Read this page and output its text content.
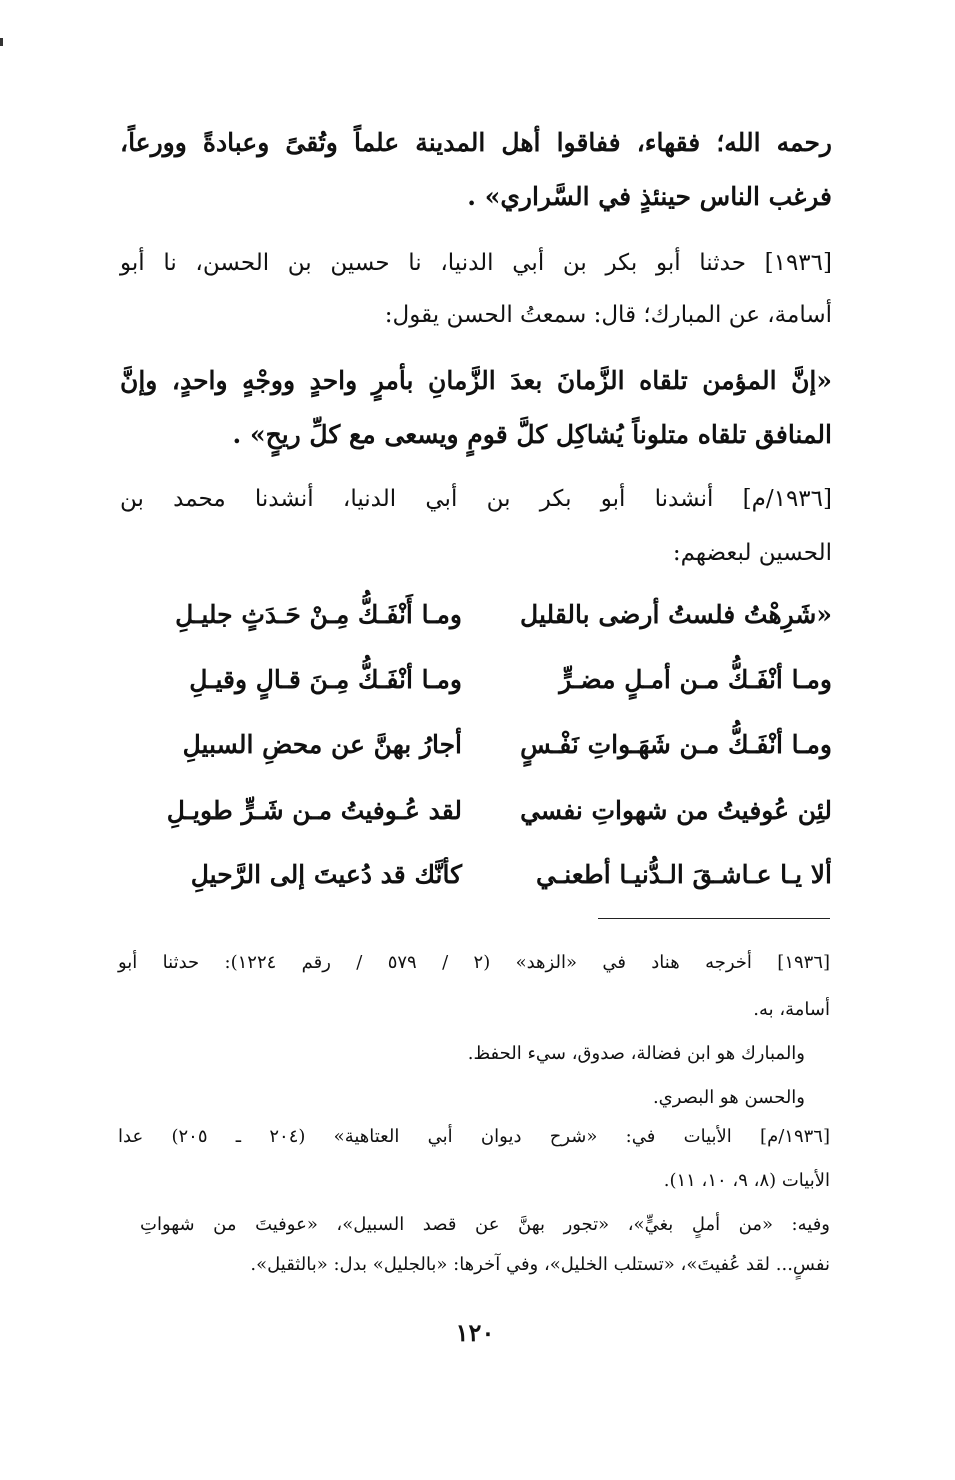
رحمه الله؛ فقهاء، ففاقوا أهل المدينة علماً وتُقىً وعبادةً وورعاً،
فرغب الناس حينئذٍ في السَّراري» .
[١٩٣٦] حدثنا أبو بكر بن أبي الدنيا، نا حسين بن الحسن، نا أبو
أسامة، عن المبارك؛ قال: سمعتُ الحسن يقول:
«إنَّ المؤمن تلقاه الزَّمانَ بعدَ الزَّمانِ بأمرٍ واحدٍ ووجْهٍ واحدٍ، وإنَّ
المنافق تلقاه متلوناً يُشاكِل كلَّ قومٍ ويسعى مع كلِّ ريحٍ» .
[١٩٣٦/م] أنشدنا أبو بكر بن أبي الدنيا، أنشدنا محمد بن
الحسين لبعضهم:
«شَرِهْتُ فلستُ أرضى بالقليل
ومـا أَنْفَـكُّ مِـنْ حَـدَثٍ جليـلِ
ومـا أنْفَـكُّ مـن أمـلٍ مضـرٍّ
ومـا أنْفَـكُّ مِـنَ قـالٍ وقيـلِ
ومـا أنْفَـكُّ مـن شَهَـواتِ نَفْـسٍ
أجارُ بهنَّ عن محضِ السبيلِ
لئِن عُوفيتُ من شهواتِ نفسي
لقد عُـوفيتُ مـن شَـرٍّ طويـلِ
ألا يـا عـاشـقَ الـدُّنيـا أطعنـي
كأنَّك قد دُعيتَ إلى الرَّحيلِ
[١٩٣٦] أخرجه هناد في «الزهد» (٢ / ٥٧٩ / رقم ١٢٢٤): حدثنا أبو
أسامة، به.
والمبارك هو ابن فضالة، صدوق، سيء الحفظ.
والحسن هو البصري.
[١٩٣٦/م] الأبيات في: «شرح ديوان أبي العتاهية» (٢٠٤ ـ ٢٠٥) عدا
الأبيات (٨، ٩، ١٠، ١١).
وفيه: «من أملٍ بغيٍّ»، «تجور بهنَّ عن قصد السبيل»، «عوفيتَ من شهواتِ
نفسٍ... لقد عُفيتَ»، «تستلب الخليل»، وفي آخرها: «بالجليل» بدل: «بالثقيل».
١٢٠
